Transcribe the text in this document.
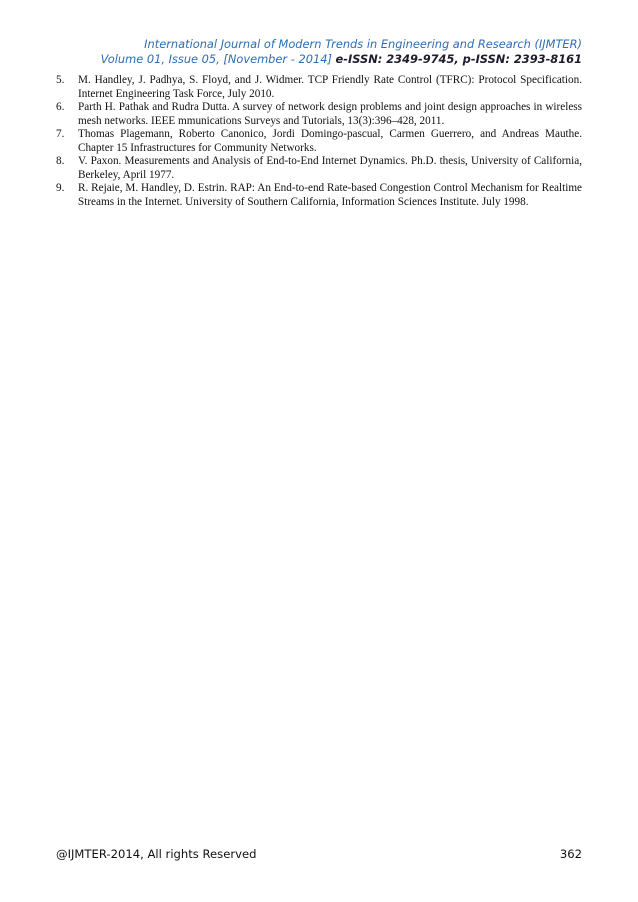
International Journal of Modern Trends in Engineering and Research (IJMTER)
Volume 01, Issue 05, [November - 2014] e-ISSN: 2349-9745, p-ISSN: 2393-8161
5. M. Handley, J. Padhya, S. Floyd, and J. Widmer. TCP Friendly Rate Control (TFRC): Protocol Specification. Internet Engineering Task Force, July 2010.
6. Parth H. Pathak and Rudra Dutta. A survey of network design problems and joint design approaches in wireless mesh networks. IEEE mmunications Surveys and Tutorials, 13(3):396–428, 2011.
7. Thomas Plagemann, Roberto Canonico, Jordi Domingo-pascual, Carmen Guerrero, and Andreas Mauthe. Chapter 15 Infrastructures for Community Networks.
8. V. Paxon. Measurements and Analysis of End-to-End Internet Dynamics. Ph.D. thesis, University of California, Berkeley, April 1977.
9. R. Rejaie, M. Handley, D. Estrin. RAP: An End-to-end Rate-based Congestion Control Mechanism for Realtime Streams in the Internet. University of Southern California, Information Sciences Institute. July 1998.
@IJMTER-2014, All rights Reserved	362
